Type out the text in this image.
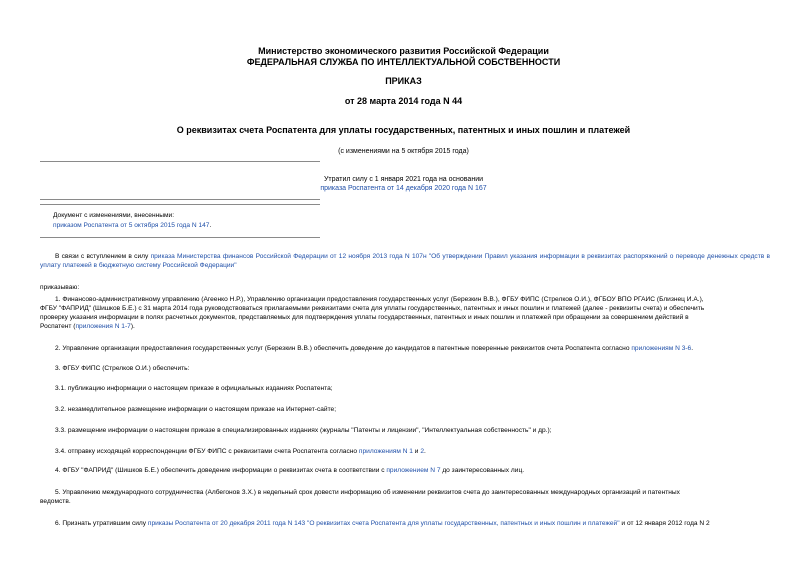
Министерство экономического развития Российской Федерации
ФЕДЕРАЛЬНАЯ СЛУЖБА ПО ИНТЕЛЛЕКТУАЛЬНОЙ СОБСТВЕННОСТИ
ПРИКАЗ
от 28 марта 2014 года N 44
О реквизитах счета Роспатента для уплаты государственных, патентных и иных пошлин и платежей
(с изменениями на 5 октября 2015 года)
Утратил силу с 1 января 2021 года на основании
приказа Роспатента от 14 декабря 2020 года N 167
Документ с изменениями, внесенными:
приказом Роспатента от 5 октября 2015 года N 147.
В связи с вступлением в силу приказа Министерства финансов Российской Федерации от 12 ноября 2013 года N 107н "Об утверждении Правил указания информации в реквизитах распоряжений о переводе денежных средств в уплату платежей в бюджетную систему Российской Федерации"
приказываю:
1. Финансово-административному управлению (Агеенко Н.Р.), Управлению организации предоставления государственных услуг (Березкин В.В.), ФГБУ ФИПС (Стрелков О.И.), ФГБОУ ВПО РГАИС (Близнец И.А.),
ФГБУ "ФАПРИД" (Шишков Б.Е.) с 31 марта 2014 года руководствоваться прилагаемыми реквизитами счета для уплаты государственных, патентных и иных пошлин и платежей (далее - реквизиты счета) и обеспечить
проверку указания информации в полях расчетных документов, представляемых для подтверждения уплаты государственных, патентных и иных пошлин и платежей при обращении за совершением действий в
Роспатент (приложения N 1-7).
2. Управление организации предоставления государственных услуг (Березкин В.В.) обеспечить доведение до кандидатов в патентные поверенные реквизитов счета Роспатента согласно приложениям N 3-6.
3. ФГБУ ФИПС (Стрелков О.И.) обеспечить:
3.1. публикацию информации о настоящем приказе в официальных изданиях Роспатента;
3.2. незамедлительное размещение информации о настоящем приказе на Интернет-сайте;
3.3. размещение информации о настоящем приказе в специализированных изданиях (журналы "Патенты и лицензии", "Интеллектуальная собственность" и др.);
3.4. отправку исходящей корреспонденции ФГБУ ФИПС с реквизитами счета Роспатента согласно приложениям N 1 и 2.
4. ФГБУ "ФАПРИД" (Шишков Б.Е.) обеспечить доведение информации о реквизитах счета в соответствии с приложением N 7 до заинтересованных лиц.
5. Управлению международного сотрудничества (Албегонов З.Х.) в недельный срок довести информацию об изменении реквизитов счета до заинтересованных международных организаций и патентных
ведомств.
6. Признать утратившим силу приказы Роспатента от 20 декабря 2011 года N 143 "О реквизитах счета Роспатента для уплаты государственных, патентных и иных пошлин и платежей" и от 12 января 2012 года N 2
